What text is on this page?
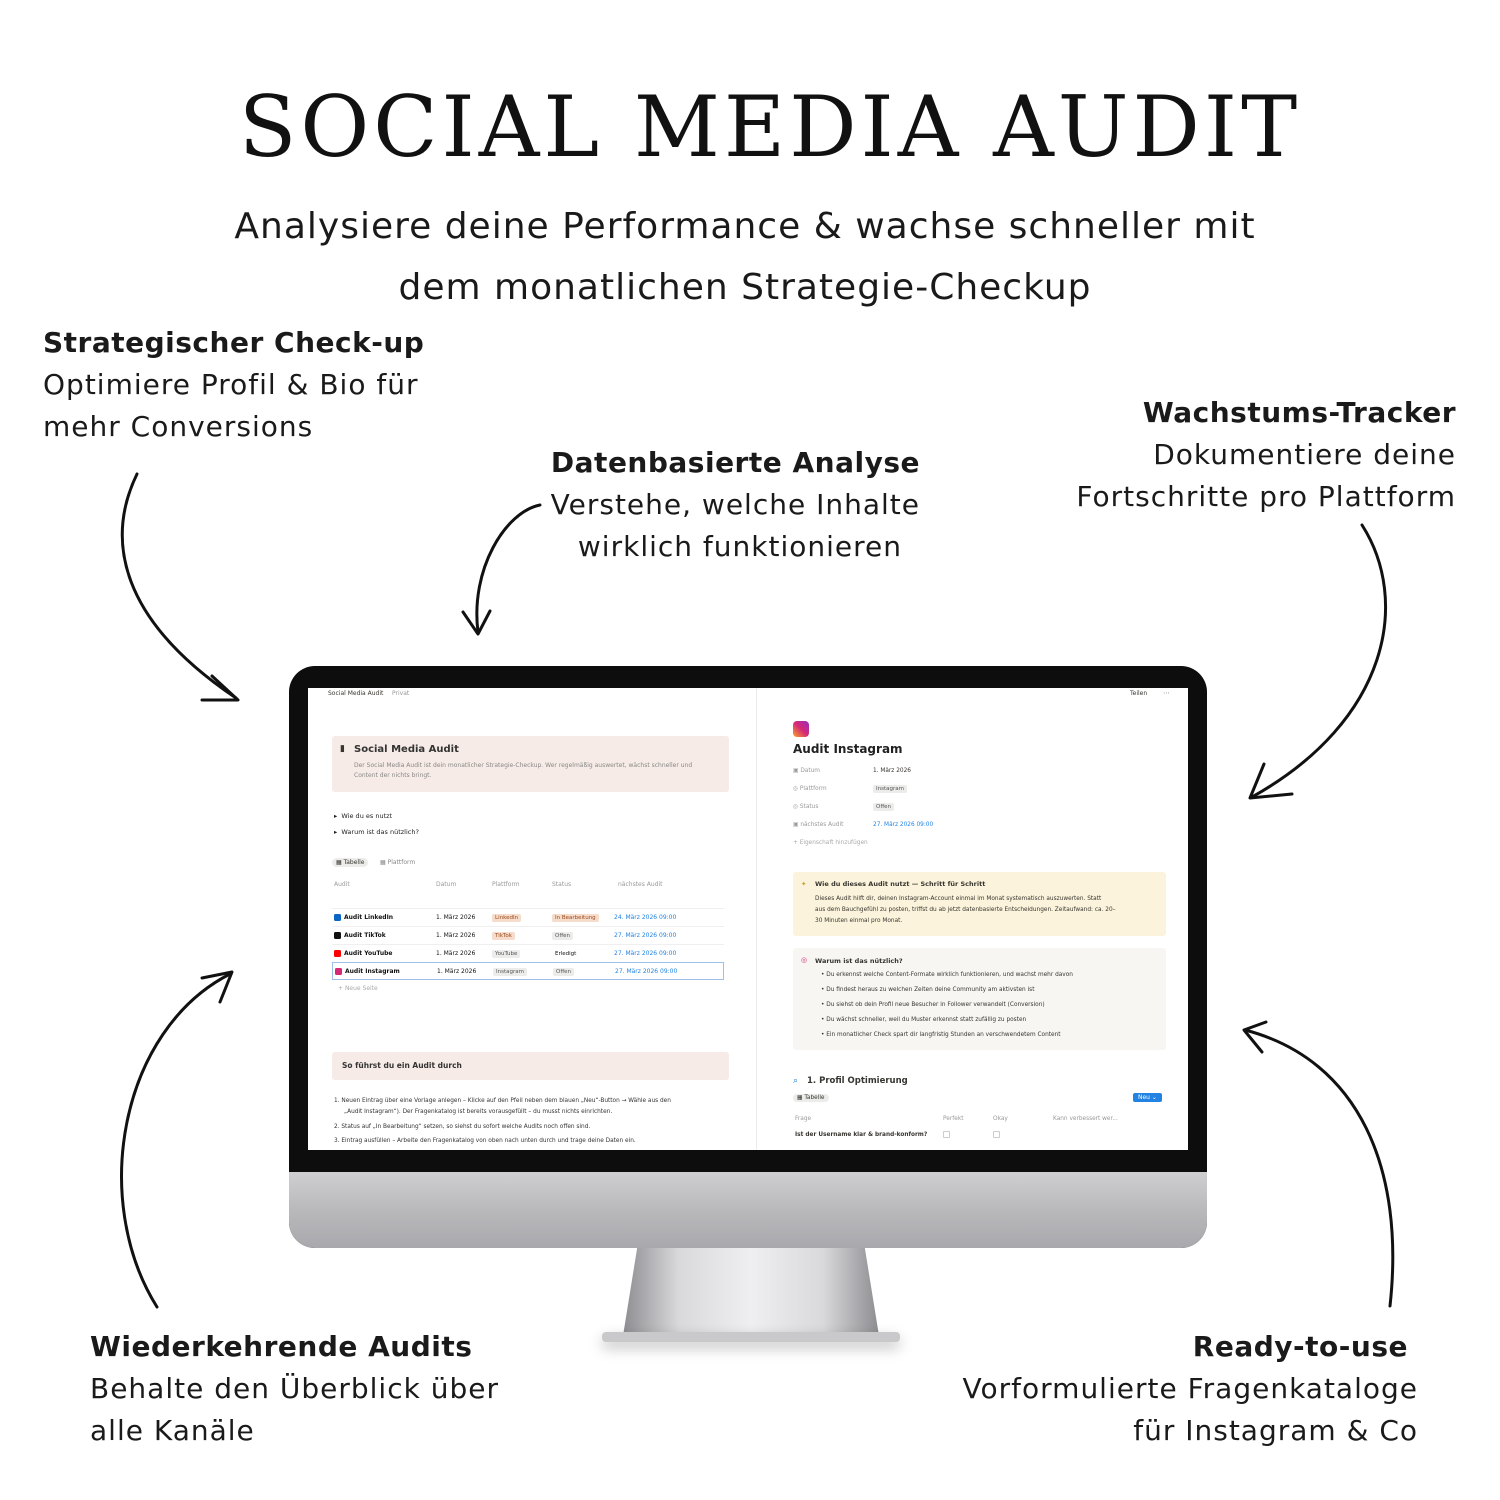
SOCIAL MEDIA AUDIT
Analysiere deine Performance & wachse schneller mit
dem monatlichen Strategie-Checkup
Strategischer Check-up
Optimiere Profil & Bio für
mehr Conversions
Datenbasierte Analyse
Verstehe, welche Inhalte
wirklich funktionieren
Wachstums-Tracker
Dokumentiere deine
Fortschritte pro Plattform
Wiederkehrende Audits
Behalte den Überblick über
alle Kanäle
Ready-to-use
Vorformulierte Fragenkataloge
für Instagram & Co
Social Media Audit Privat	Teilen ⋯
▮ Social Media Audit
Der Social Media Audit ist dein monatlicher Strategie-Checkup. Wer regelmäßig auswertet, wächst schneller und
Content der nichts bringt.
▸  Wie du es nutzt
▸  Warum ist das nützlich?
▦ Tabelle	▦ Plattform
Audit	Datum	Plattform	Status	nächstes Audit
Audit LinkedIn	1. März 2026	LinkedIn	In Bearbeitung	24. März 2026 09:00
Audit TikTok	1. März 2026	TikTok	Offen	27. März 2026 09:00
Audit YouTube	1. März 2026	YouTube	Erledigt	27. März 2026 09:00
Audit Instagram	1. März 2026	Instagram	Offen	27. März 2026 09:00
+ Neue Seite
So führst du ein Audit durch
1. Neuen Eintrag über eine Vorlage anlegen – Klicke auf den Pfeil neben dem blauen „Neu“-Button → Wähle aus den
„Audit Instagram“). Der Fragenkatalog ist bereits vorausgefüllt – du musst nichts einrichten.
2. Status auf „In Bearbeitung“ setzen, so siehst du sofort welche Audits noch offen sind.
3. Eintrag ausfüllen – Arbeite den Fragenkatalog von oben nach unten durch und trage deine Daten ein.
Audit Instagram
▣ Datum	1. März 2026
◎ Plattform	Instagram
◎ Status	Offen
▣ nächstes Audit	27. März 2026 09:00
+ Eigenschaft hinzufügen
✦ Wie du dieses Audit nutzt — Schritt für Schritt
Dieses Audit hilft dir, deinen Instagram-Account einmal im Monat systematisch auszuwerten. Statt
aus dem Bauchgefühl zu posten, triffst du ab jetzt datenbasierte Entscheidungen. Zeitaufwand: ca. 20–
30 Minuten einmal pro Monat.
◎ Warum ist das nützlich?
• Du erkennst welche Content-Formate wirklich funktionieren, und wachst mehr davon
• Du findest heraus zu welchen Zeiten deine Community am aktivsten ist
• Du siehst ob dein Profil neue Besucher in Follower verwandelt (Conversion)
• Du wächst schneller, weil du Muster erkennst statt zufällig zu posten
• Ein monatlicher Check spart dir langfristig Stunden an verschwendetem Content
⌕ 1. Profil Optimierung
▦ Tabelle	Neu ⌄
Frage	Perfekt	Okay	Kann verbessert wer...
Ist der Username klar & brand-konform?
